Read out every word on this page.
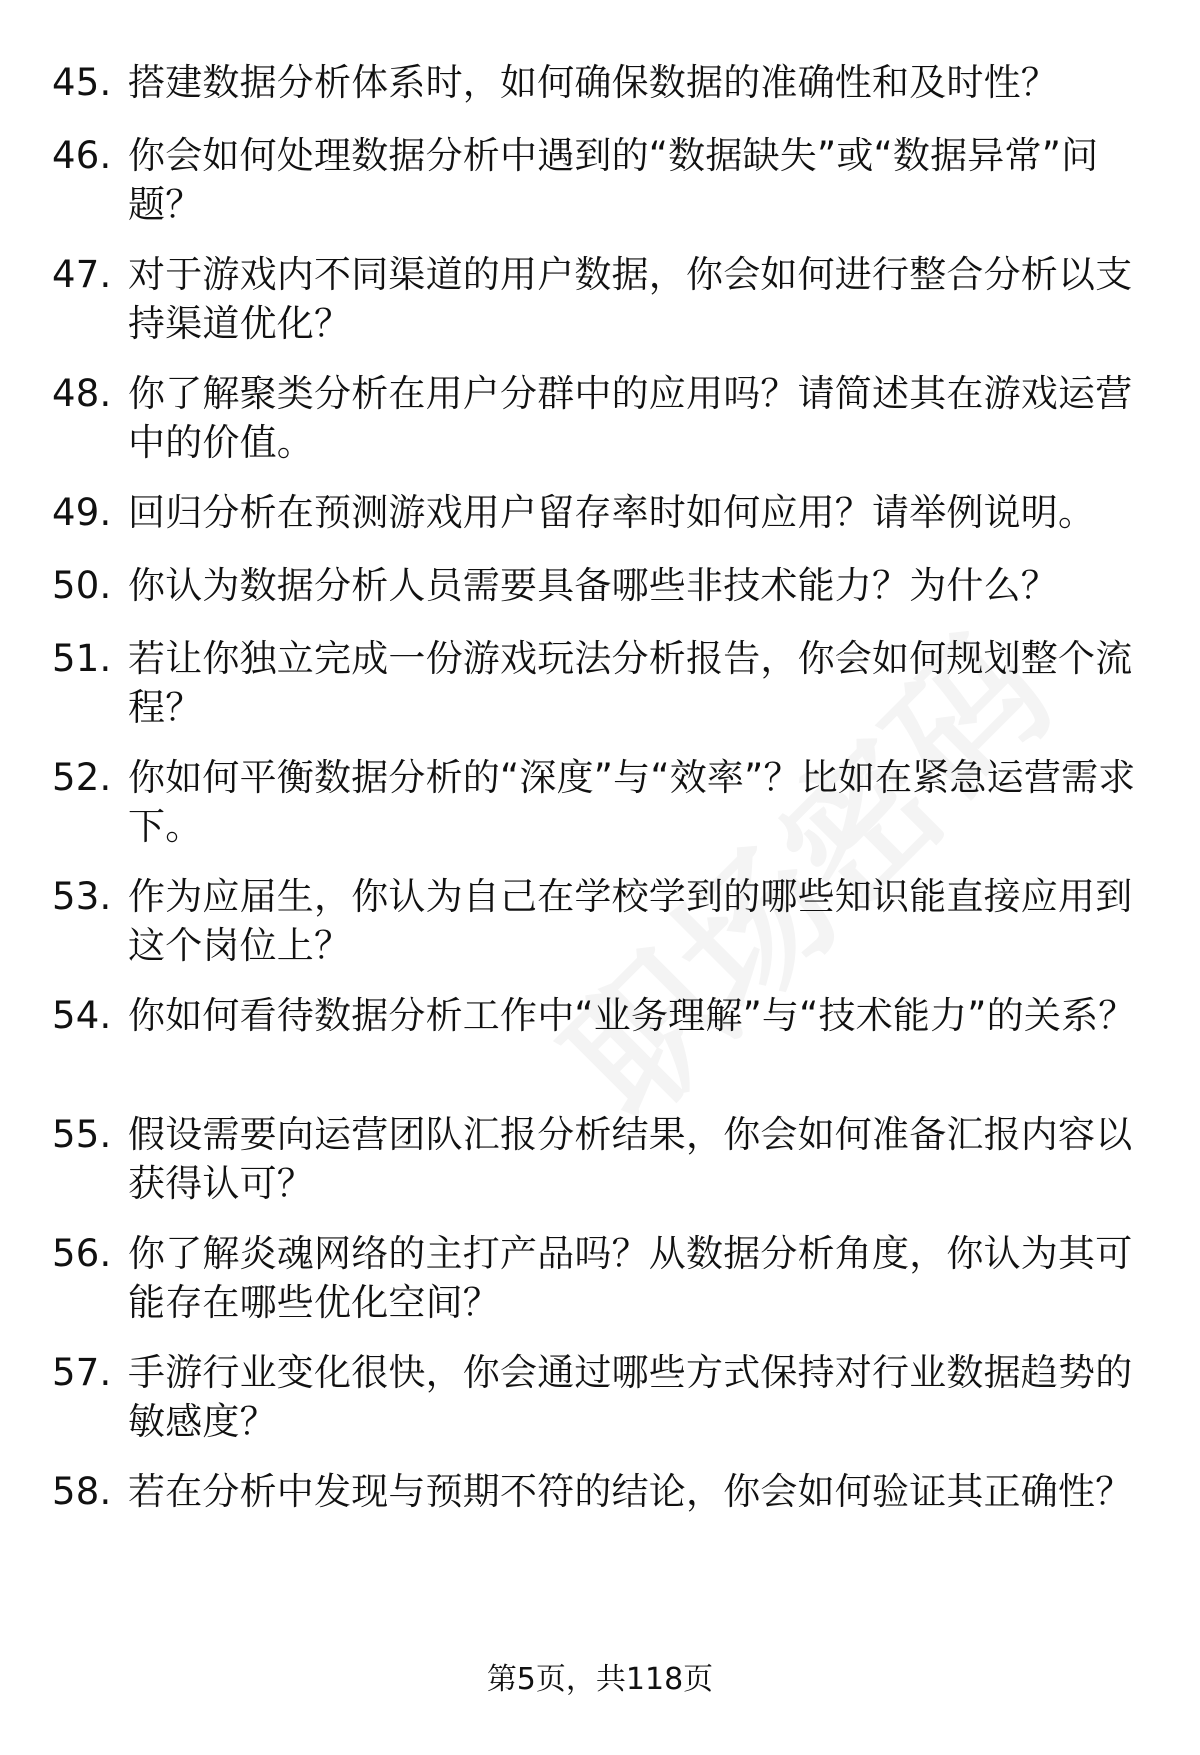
45. 搭建数据分析体系时，如何确保数据的准确性和及时性？
46. 你会如何处理数据分析中遇到的“数据缺失”或“数据异常”问题？
47. 对于游戏内不同渠道的用户数据，你会如何进行整合分析以支持渠道优化？
48. 你了解聚类分析在用户分群中的应用吗？请简述其在游戏运营中的价值。
49. 回归分析在预测游戏用户留存率时如何应用？请举例说明。
50. 你认为数据分析人员需要具备哪些非技术能力？为什么？
51. 若让你独立完成一份游戏玩法分析报告，你会如何规划整个流程？
52. 你如何平衡数据分析的“深度”与“效率”？比如在紧急运营需求下。
53. 作为应届生，你认为自己在学校学到的哪些知识能直接应用到这个岗位上？
54. 你如何看待数据分析工作中“业务理解”与“技术能力”的关系？
55. 假设需要向运营团队汇报分析结果，你会如何准备汇报内容以获得认可？
56. 你了解炎魂网络的主打产品吗？从数据分析角度，你认为其可能存在哪些优化空间？
57. 手游行业变化很快，你会通过哪些方式保持对行业数据趋势的敏感度？
58. 若在分析中发现与预期不符的结论，你会如何验证其正确性？
第5页，共118页
